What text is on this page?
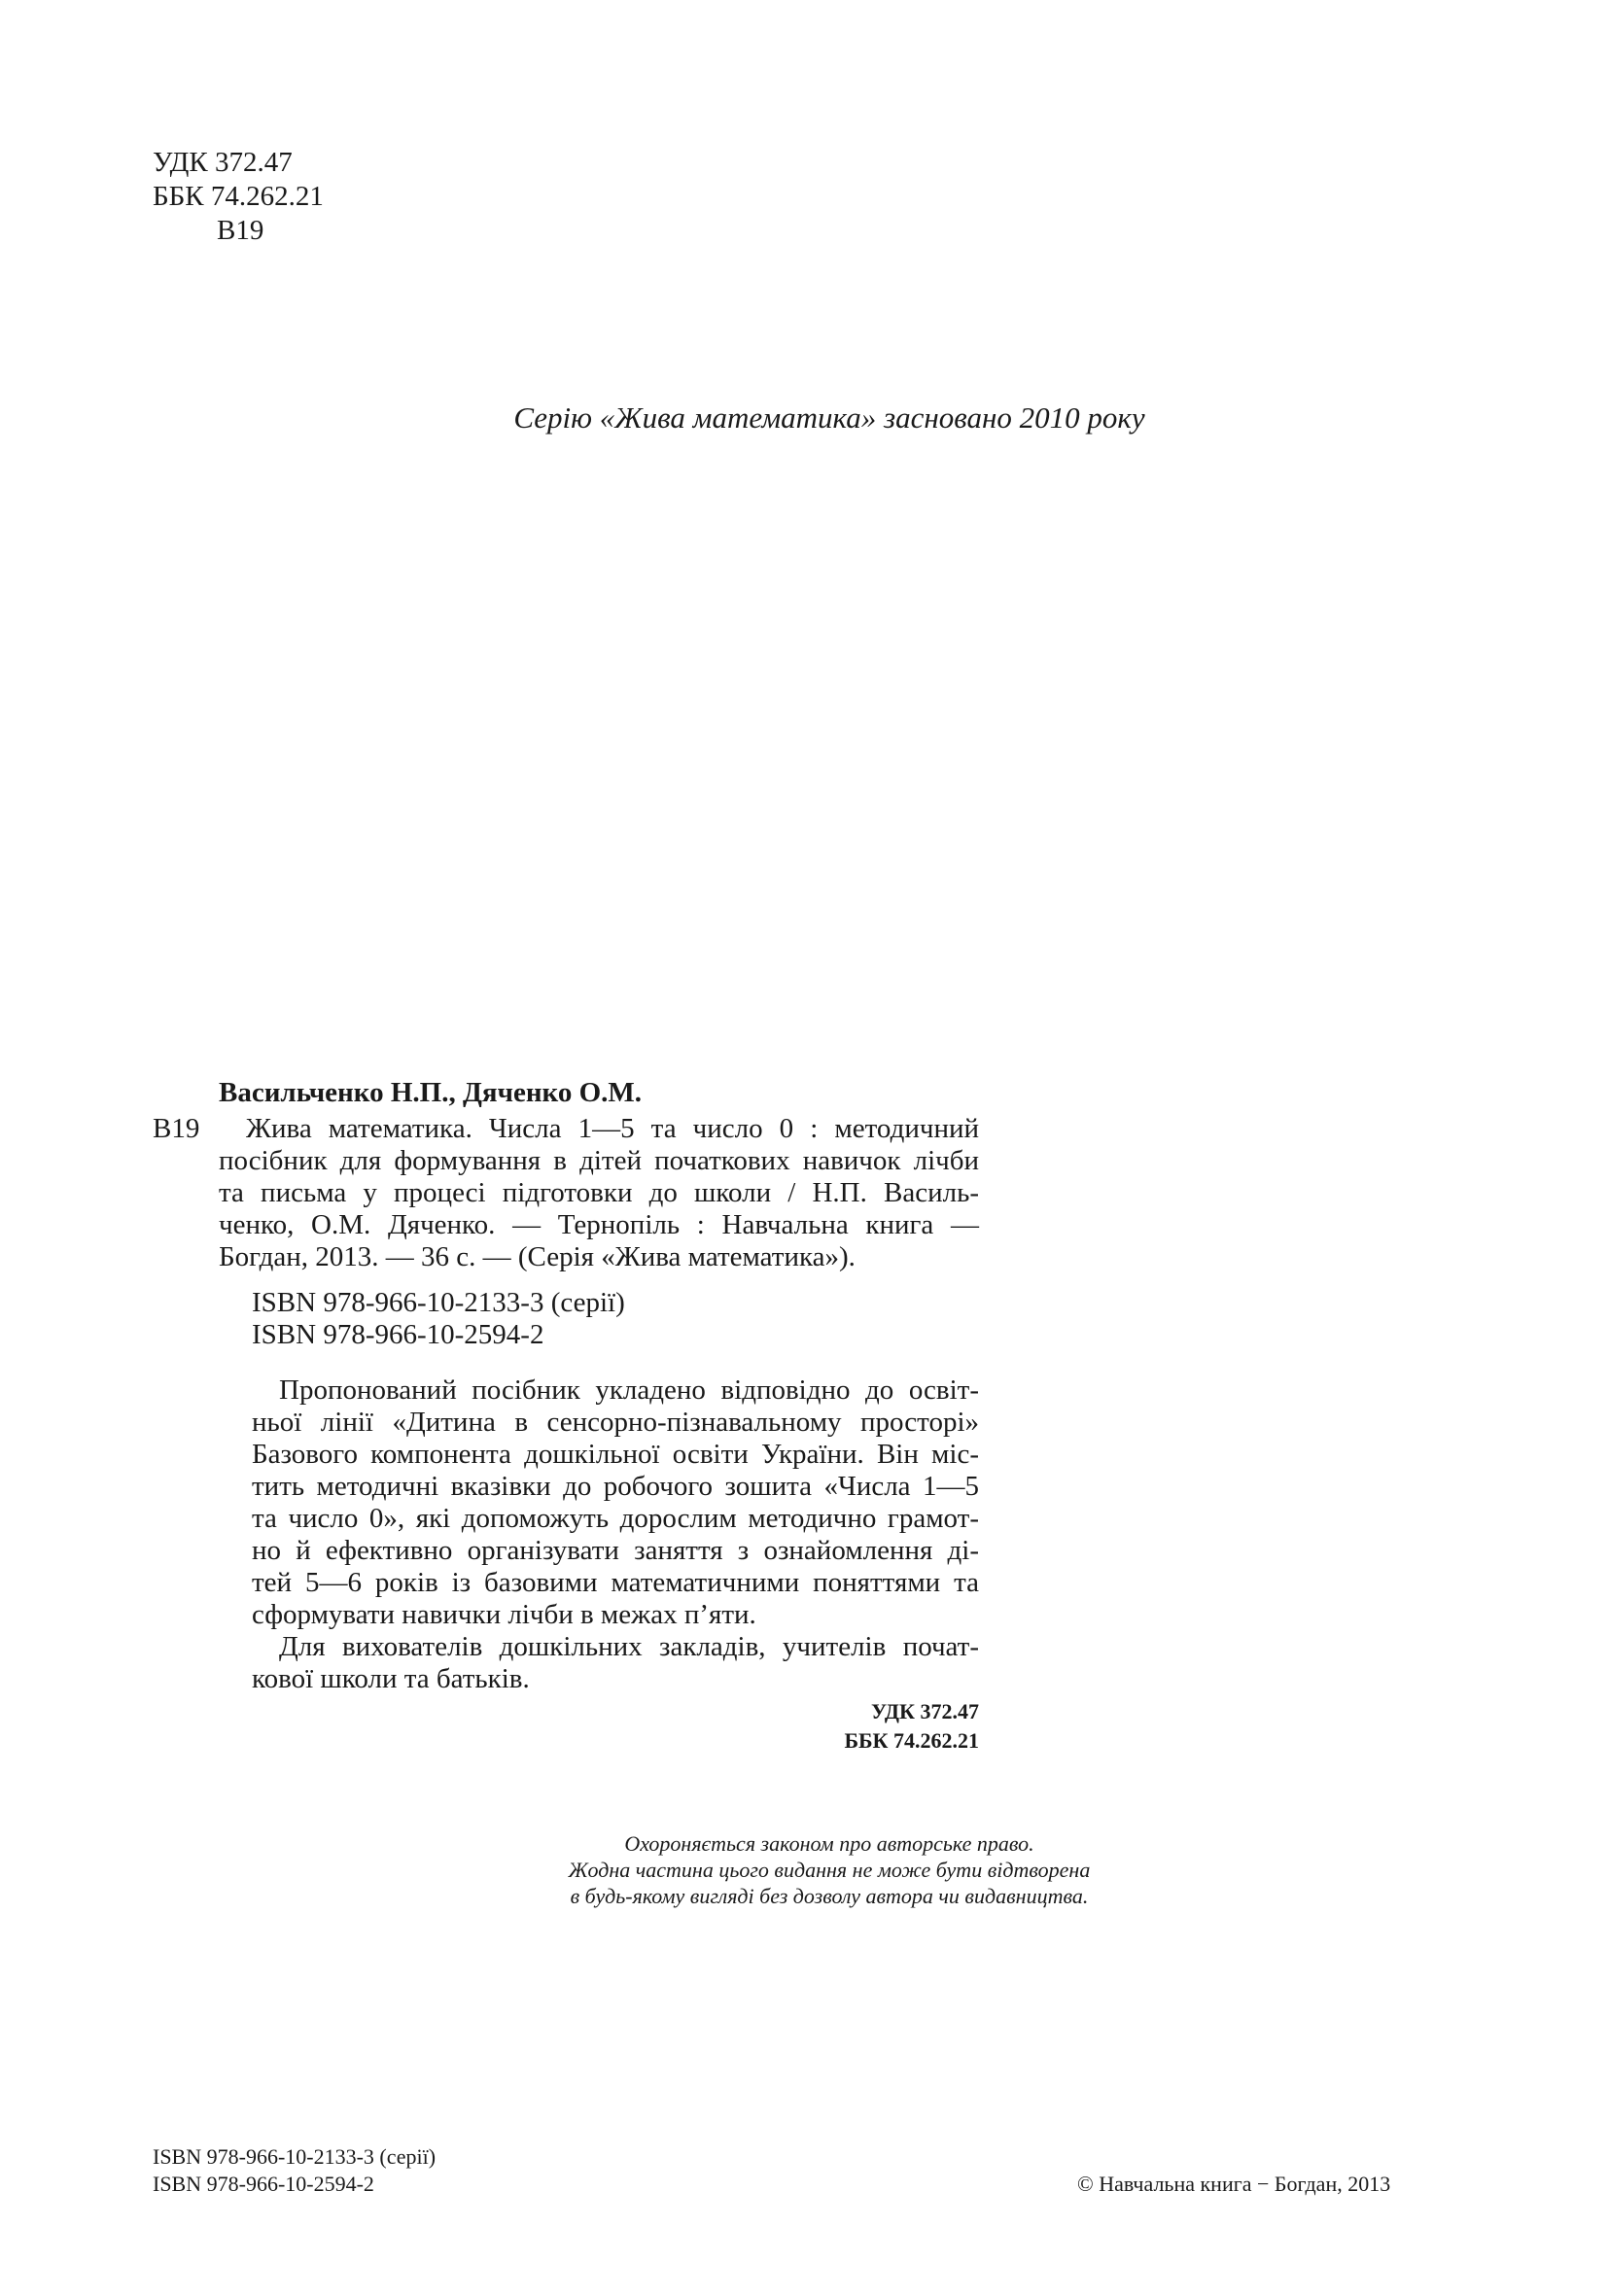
УДК 372.47
ББК 74.262.21
В19
Серію «Жива математика» засновано 2010 року
Васильченко Н.П., Дяченко О.М.
В19	Жива математика. Числа 1—5 та число 0 : методичний
посібник для формування в дітей початкових навичок лічби
та письма у процесі підготовки до школи / Н.П. Василь-
ченко, О.М. Дяченко. — Тернопіль : Навчальна книга —
Богдан, 2013. — 36 с. — (Серія «Жива математика»).
ISBN 978-966-10-2133-3 (серії)
ISBN 978-966-10-2594-2
Пропонований посібник укладено відповідно до освіт-
ньої лінії «Дитина в сенсорно-пізнавальному просторі»
Базового компонента дошкільної освіти України. Він міс-
тить методичні вказівки до робочого зошита «Числа 1—5
та число 0», які допоможуть дорослим методично грамот-
но й ефективно організувати заняття з ознайомлення ді-
тей 5—6 років із базовими математичними поняттями та
сформувати навички лічби в межах п’яти.
Для вихователів дошкільних закладів, учителів почат-
кової школи та батьків.
УДК 372.47
ББК 74.262.21
Охороняється законом про авторське право.
Жодна частина цього видання не може бути відтворена
в будь-якому вигляді без дозволу автора чи видавництва.
ISBN 978-966-10-2133-3 (серії)
ISBN 978-966-10-2594-2	© Навчальна книга − Богдан, 2013
